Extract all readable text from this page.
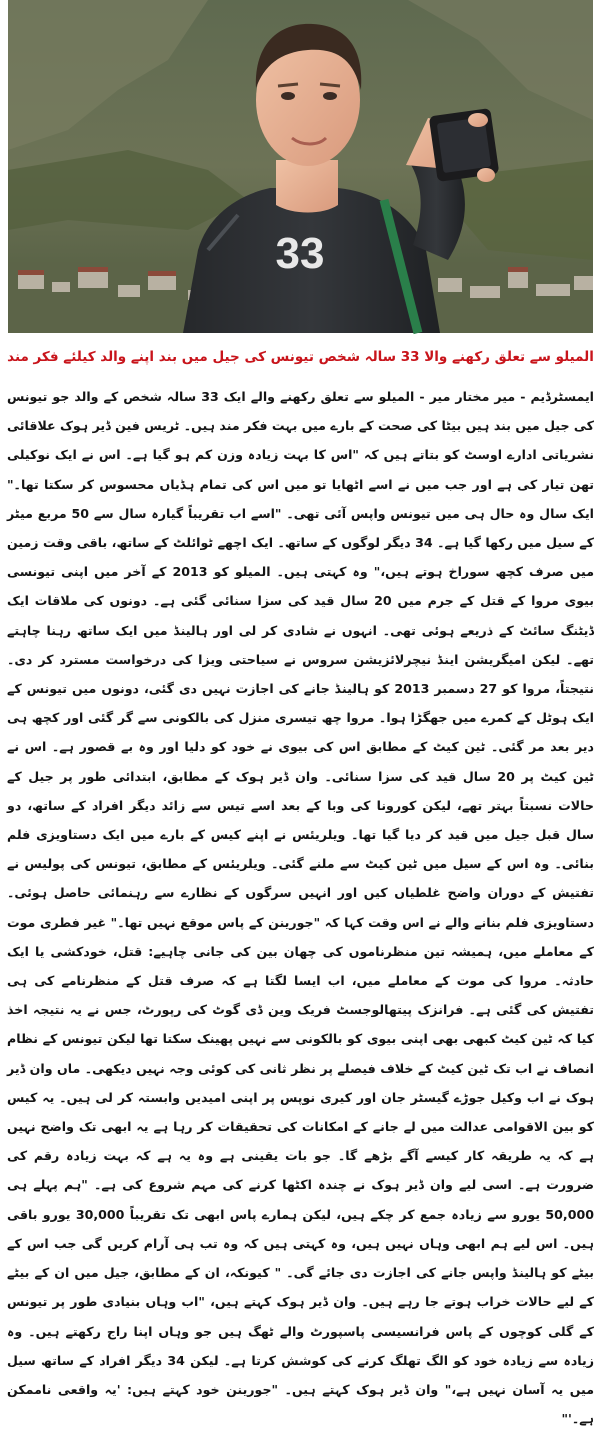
33
المیلو سے تعلق رکھنے والا 33 سالہ شخص تیونس کی جیل میں بند اپنے والد کیلئے فکر مند

ایمسٹرڈیم - میر مختار میر - المیلو سے تعلق رکھنے والے ایک 33 سالہ شخص کے والد جو تیونس کی جیل میں بند ہیں بیٹا کی صحت کے بارے میں بہت فکر مند ہیں۔ ٹریس فین ڈیر ہوک علاقائی نشریاتی ادارے اوسٹ کو بتاتے ہیں کہ "اس کا بہت زیادہ وزن کم ہو گیا ہے۔ اس نے ایک نوکیلی تھن تیار کی ہے اور جب میں نے اسے اٹھایا تو میں اس کی تمام ہڈیاں محسوس کر سکتا تھا۔" ایک سال وہ حال ہی میں تیونس واپس آئی تھی۔ "اسے اب تقریباً گیارہ سال سے 50 مربع میٹر کے سیل میں رکھا گیا ہے۔ 34 دیگر لوگوں کے ساتھ۔ ایک اچھے ٹوائلٹ کے ساتھ، باقی وقت زمین میں صرف کچھ سوراخ ہوتے ہیں،" وہ کہتی ہیں۔ المیلو کو 2013 کے آخر میں اپنی تیونسی بیوی مروا کے قتل کے جرم میں 20 سال قید کی سزا سنائی گئی ہے۔ دونوں کی ملاقات ایک ڈیٹنگ سائٹ کے ذریعے ہوئی تھی۔ انہوں نے شادی کر لی اور ہالینڈ میں ایک ساتھ رہنا چاہتے تھے۔ لیکن امیگریشن اینڈ نیچرلائزیشن سروس نے سیاحتی ویزا کی درخواست مسترد کر دی۔ نتیجتاً، مروا کو 27 دسمبر 2013 کو ہالینڈ جانے کی اجازت نہیں دی گئی، دونوں میں تیونس کے ایک ہوٹل کے کمرے میں جھگڑا ہوا۔ مروا چھ تیسری منزل کی بالکونی سے گر گئی اور کچھ ہی دیر بعد مر گئی۔ ٹین کیٹ کے مطابق اس کی بیوی نے خود کو دلیا اور وہ بے قصور ہے۔ اس نے ٹین کیٹ پر 20 سال قید کی سزا سنائی۔ وان ڈیر ہوک کے مطابق، ابتدائی طور پر جیل کے حالات نسبتاً بہتر تھے، لیکن کورونا کی وبا کے بعد اسے تیس سے زائد دیگر افراد کے ساتھ، دو سال قبل جیل میں قید کر دیا گیا تھا۔ ویلریئس نے اپنے کیس کے بارے میں ایک دستاویزی فلم بنائی۔ وہ اس کے سیل میں ٹین کیٹ سے ملنے گئی۔ ویلریئس کے مطابق، تیونس کی پولیس نے تفتیش کے دوران واضح غلطیاں کیں اور انہیں سرگوں کے نظارے سے رہنمائی حاصل ہوئی۔ دستاویزی فلم بنانے والے نے اس وقت کہا کہ "جورینن کے پاس موقع نہیں تھا۔" غیر فطری موت کے معاملے میں، ہمیشہ تین منظرناموں کی چھان بین کی جانی چاہیے: قتل، خودکشی یا ایک حادثہ۔ مروا کی موت کے معاملے میں، اب ایسا لگتا ہے کہ صرف قتل کے منظرنامے کی ہی تفتیش کی گئی ہے۔ فرانزک پیتھالوجسٹ فریک وین ڈی گوٹ کی رپورٹ، جس نے یہ نتیجہ اخذ کیا کہ ٹین کیٹ کبھی بھی اپنی بیوی کو بالکونی سے نہیں پھینک سکتا تھا لیکن تیونس کے نظام انصاف نے اب تک ٹین کیٹ کے خلاف فیصلے پر نظر ثانی کی کوئی وجہ نہیں دیکھی۔ ماں وان ڈیر ہوک نے اب وکیل جوڑے گیسٹر جان اور کیری نوپس پر اپنی امیدیں وابستہ کر لی ہیں۔ یہ کیس کو بین الاقوامی عدالت میں لے جانے کے امکانات کی تحقیقات کر رہا ہے یہ ابھی تک واضح نہیں ہے کہ یہ طریقہ کار کیسے آگے بڑھے گا۔ جو بات یقینی ہے وہ یہ ہے کہ بہت زیادہ رقم کی ضرورت ہے۔ اسی لیے وان ڈیر ہوک نے چندہ اکٹھا کرنے کی مہم شروع کی ہے۔ "ہم پہلے ہی 50,000 یورو سے زیادہ جمع کر چکے ہیں، لیکن ہمارے پاس ابھی تک تقریباً 30,000 یورو باقی ہیں۔ اس لیے ہم ابھی وہاں نہیں ہیں، وہ کہتی ہیں کہ وہ تب ہی آرام کریں گی جب اس کے بیٹے کو ہالینڈ واپس جانے کی اجازت دی جائے گی۔ " کیونکہ، ان کے مطابق، جیل میں ان کے بیٹے کے لیے حالات خراب ہوتے جا رہے ہیں۔ وان ڈیر ہوک کہتے ہیں، "اب وہاں بنیادی طور پر تیونس کے گلی کوچوں کے پاس فرانسیسی پاسپورٹ والے ٹھگ ہیں جو وہاں اپنا راج رکھتے ہیں۔ وہ زیادہ سے زیادہ خود کو الگ تھلگ کرنے کی کوشش کرتا ہے۔ لیکن 34 دیگر افراد کے ساتھ سیل میں یہ آسان نہیں ہے،" وان ڈیر ہوک کہتے ہیں۔ "جورینن خود کہتے ہیں: 'یہ واقعی ناممکن ہے۔'"
